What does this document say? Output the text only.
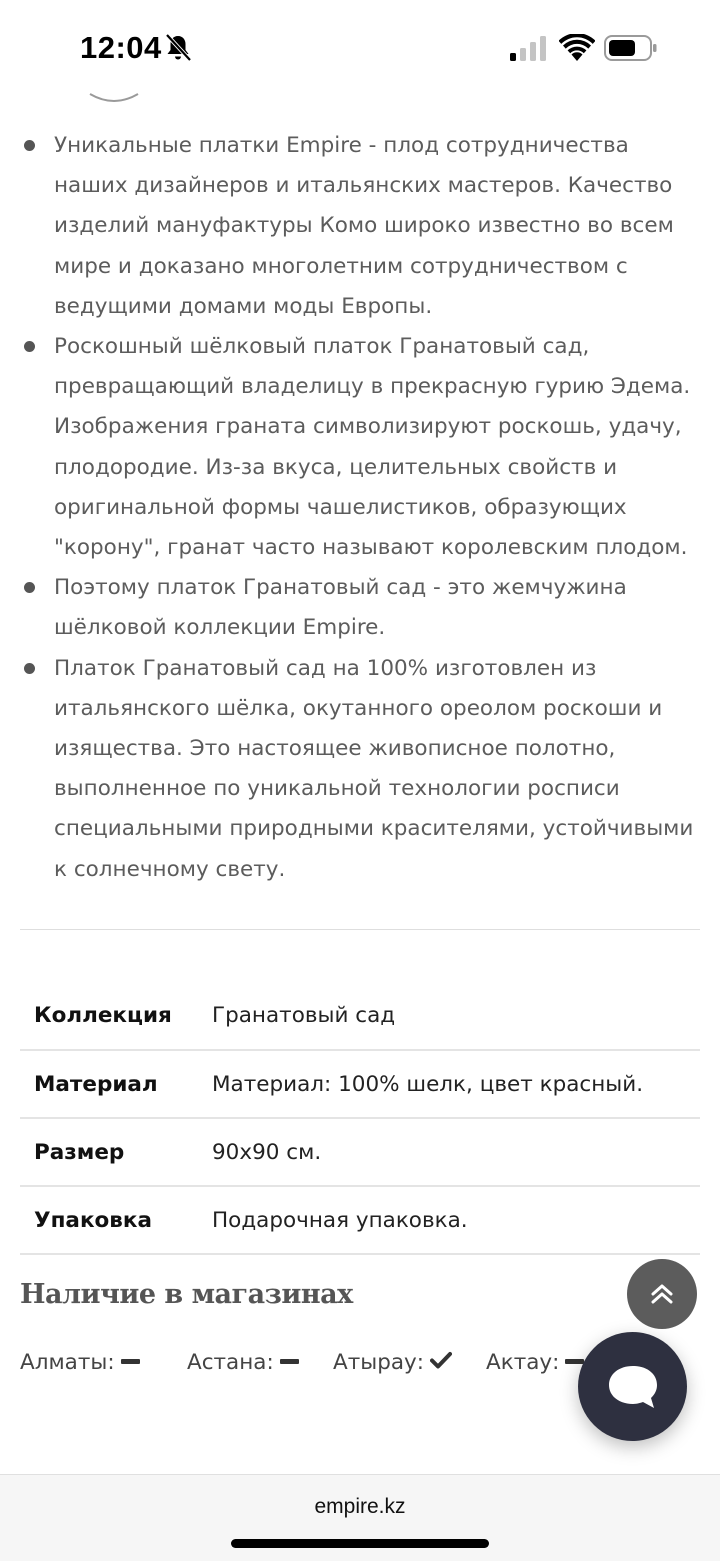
12:04
Уникальные платки Empire - плод сотрудничества наших дизайнеров и итальянских мастеров. Качество изделий мануфактуры Комо широко известно во всем мире и доказано многолетним сотрудничеством с ведущими домами моды Европы.
Роскошный шёлковый платок Гранатовый сад, превращающий владелицу в прекрасную гурию Эдема. Изображения граната символизируют роскошь, удачу, плодородие. Из-за вкуса, целительных свойств и оригинальной формы чашелистиков, образующих "корону", гранат часто называют королевским плодом.
Поэтому платок Гранатовый сад - это жемчужина шёлковой коллекции Empire.
Платок Гранатовый сад на 100% изготовлен из итальянского шёлка, окутанного ореолом роскоши и изящества. Это настоящее живописное полотно, выполненное по уникальной технологии росписи специальными природными красителями, устойчивыми к солнечному свету.
Коллекция	Гранатовый сад
Материал	Материал: 100% шелк, цвет красный.
Размер	90х90 см.
Упаковка	Подарочная упаковка.
Наличие в магазинах
Алматы:	Астана:	Атырау:	Актау:
empire.kz
